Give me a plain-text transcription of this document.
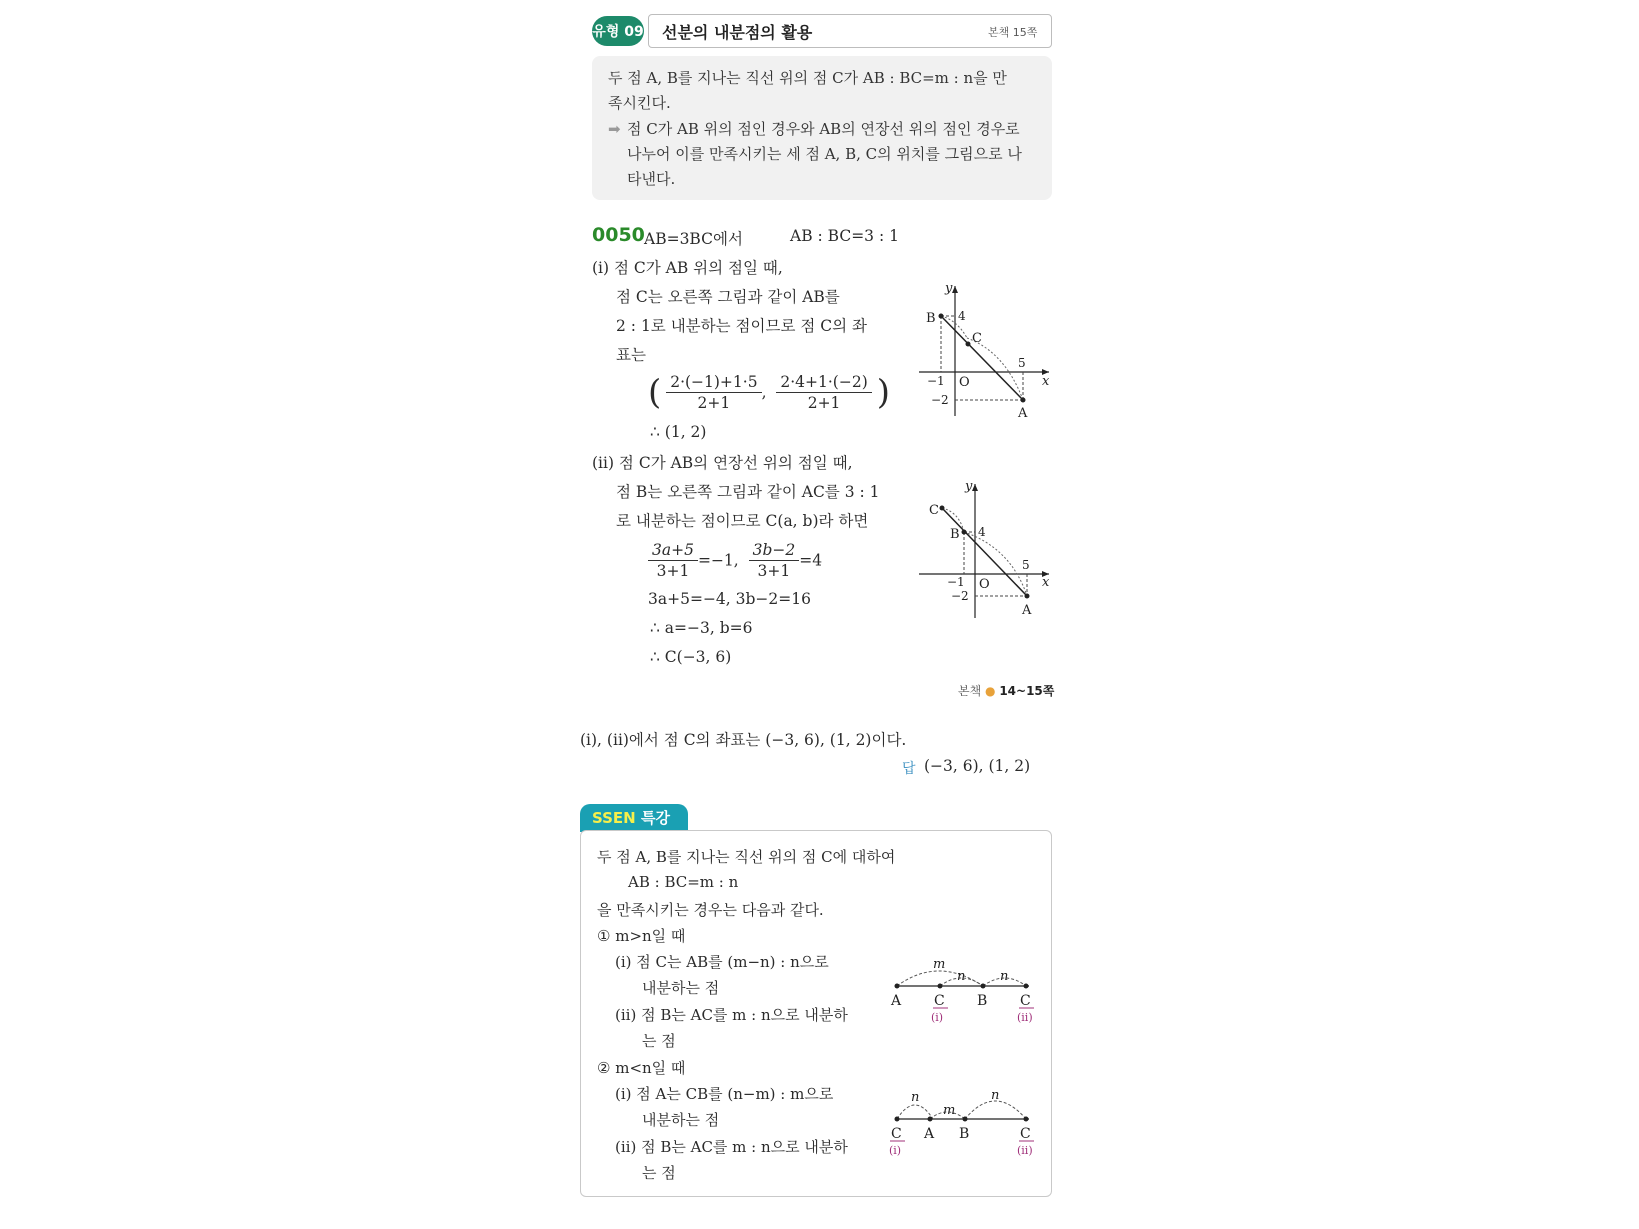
유형 09 선분의 내분점의 활용	본책 15쪽
두 점 A, B를 지나는 직선 위의 점 C가 AB : BC=m : n을 만
족시킨다.
➡ 점 C가 AB 위의 점인 경우와 AB의 연장선 위의 점인 경우로
나누어 이를 만족시키는 세 점 A, B, C의 위치를 그림으로 나
타낸다.
0050 AB=3BC에서	AB : BC=3 : 1
(ⅰ) 점 C가 AB 위의 점일 때,
점 C는 오른쪽 그림과 같이 AB를
2 : 1로 내분하는 점이므로 점 C의 좌
표는
( $\frac{2\cdot(-1)+1\cdot 5}{2+1}$ , $\frac{2\cdot 4+1\cdot(-2)}{2+1}$ )
∴ (1, 2)
(ⅱ) 점 C가 AB의 연장선 위의 점일 때,
점 B는 오른쪽 그림과 같이 AC를 3 : 1
로 내분하는 점이므로 C(a, b)라 하면
$\frac{3a+5}{3+1} =-1$, $\frac{3b-2}{3+1} =4$
3a+5=−4, 3b−2=16
∴ a=−3, b=6
∴ C(−3, 6)
B
C
A
O	x
y
4
5
−1
−2
C
B
A
O	x
y
4
5
−1
−2
본책 ● 14~15쪽
(ⅰ), (ⅱ)에서 점 C의 좌표는 (−3, 6), (1, 2)이다.
답 (−3, 6), (1, 2)
SSEN 특강
두 점 A, B를 지나는 직선 위의 점 C에 대하여
AB : BC=m : n
을 만족시키는 경우는 다음과 같다.
① m>n일 때
(ⅰ) 점 C는 AB를 (m−n) : n으로
내분하는 점
(ⅱ) 점 B는 AC를 m : n으로 내분하
는 점
② m<n일 때
(ⅰ) 점 A는 CB를 (n−m) : m으로
내분하는 점
(ⅱ) 점 B는 AC를 m : n으로 내분하
는 점
A C B C
m
n	n
(ⅰ)	(ⅱ)
C A B	C
n
m
n
(ⅰ)	(ⅱ)
